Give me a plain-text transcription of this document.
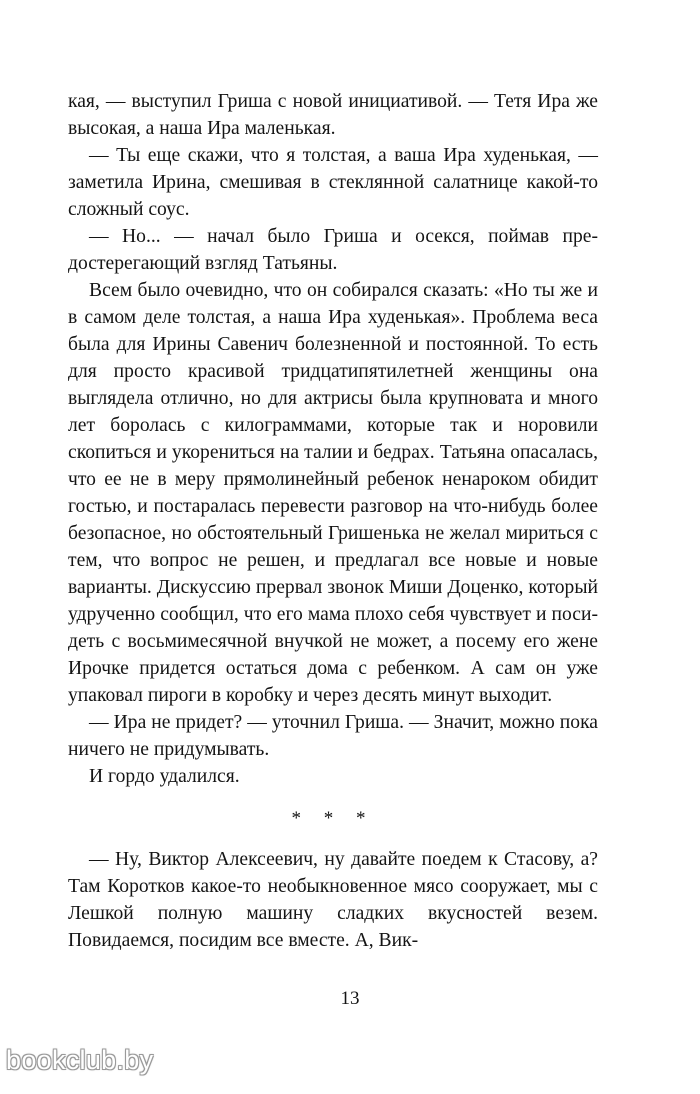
кая, — выступил Гриша с новой инициативой. — Тетя Ира же высокая, а наша Ира маленькая.

— Ты еще скажи, что я толстая, а ваша Ира худенькая, — заметила Ирина, смешивая в стеклянной салатнице какой-то сложный соус.

— Но... — начал было Гриша и осекся, поймав предостерегающий взгляд Татьяны.

Всем было очевидно, что он собирался сказать: «Но ты же и в самом деле толстая, а наша Ира худенькая». Проблема веса была для Ирины Савенич болезненной и постоянной. То есть для просто красивой тридцатипятилетней женщины она выглядела отлично, но для актрисы была крупновата и много лет боролась с килограммами, которые так и норовили скопиться и укорениться на талии и бедрах. Татьяна опасалась, что ее не в меру прямолинейный ребенок ненароком обидит гостью, и постаралась перевести разговор на что-нибудь более безопасное, но обстоятельный Гришенька не желал мириться с тем, что вопрос не решен, и предлагал все новые и новые варианты. Дискуссию прервал звонок Миши Доценко, который удрученно сообщил, что его мама плохо себя чувствует и посидеть с восьмимесячной внучкой не может, а посему его жене Ирочке придется остаться дома с ребенком. А сам он уже упаковал пироги в коробку и через десять минут выходит.

— Ира не придет? — уточнил Гриша. — Значит, можно пока ничего не придумывать.

И гордо удалился.

* * *

— Ну, Виктор Алексеевич, ну давайте поедем к Стасову, а? Там Коротков какое-то необыкновенное мясо сооружает, мы с Лешкой полную машину сладких вкусностей везем. Повидаемся, посидим все вместе. А, Вик-

13
bookclub.by
